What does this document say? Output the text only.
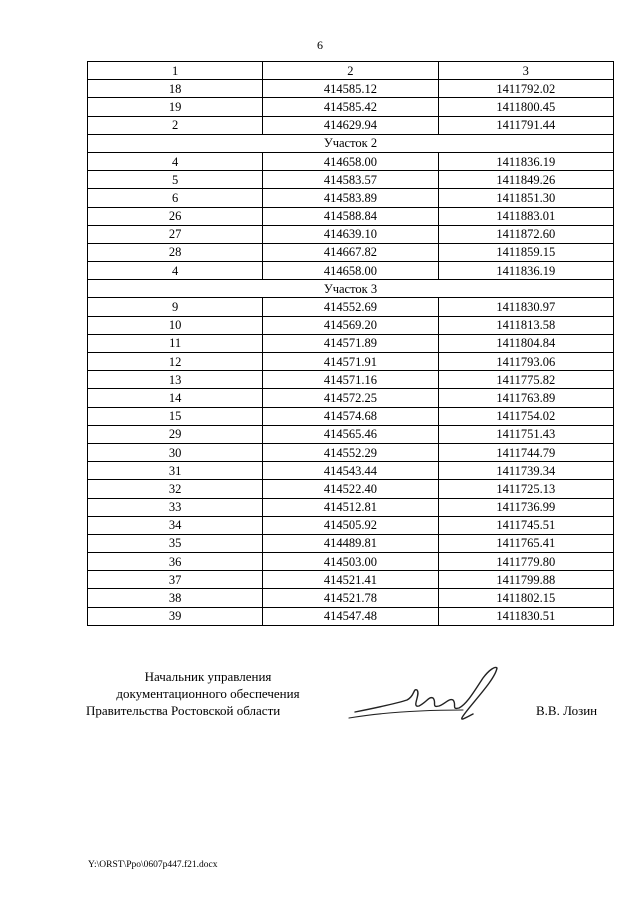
6
1	2	3
18	414585.12	1411792.02
19	414585.42	1411800.45
2	414629.94	1411791.44
Участок 2		
4	414658.00	1411836.19
5	414583.57	1411849.26
6	414583.89	1411851.30
26	414588.84	1411883.01
27	414639.10	1411872.60
28	414667.82	1411859.15
4	414658.00	1411836.19
Участок 3		
9	414552.69	1411830.97
10	414569.20	1411813.58
11	414571.89	1411804.84
12	414571.91	1411793.06
13	414571.16	1411775.82
14	414572.25	1411763.89
15	414574.68	1411754.02
29	414565.46	1411751.43
30	414552.29	1411744.79
31	414543.44	1411739.34
32	414522.40	1411725.13
33	414512.81	1411736.99
34	414505.92	1411745.51
35	414489.81	1411765.41
36	414503.00	1411779.80
37	414521.41	1411799.88
38	414521.78	1411802.15
39	414547.48	1411830.51
Начальник управления
документационного обеспечения
Правительства Ростовской области	В.В. Лозин
Y:\ORST\Ppo\0607p447.f21.docx
